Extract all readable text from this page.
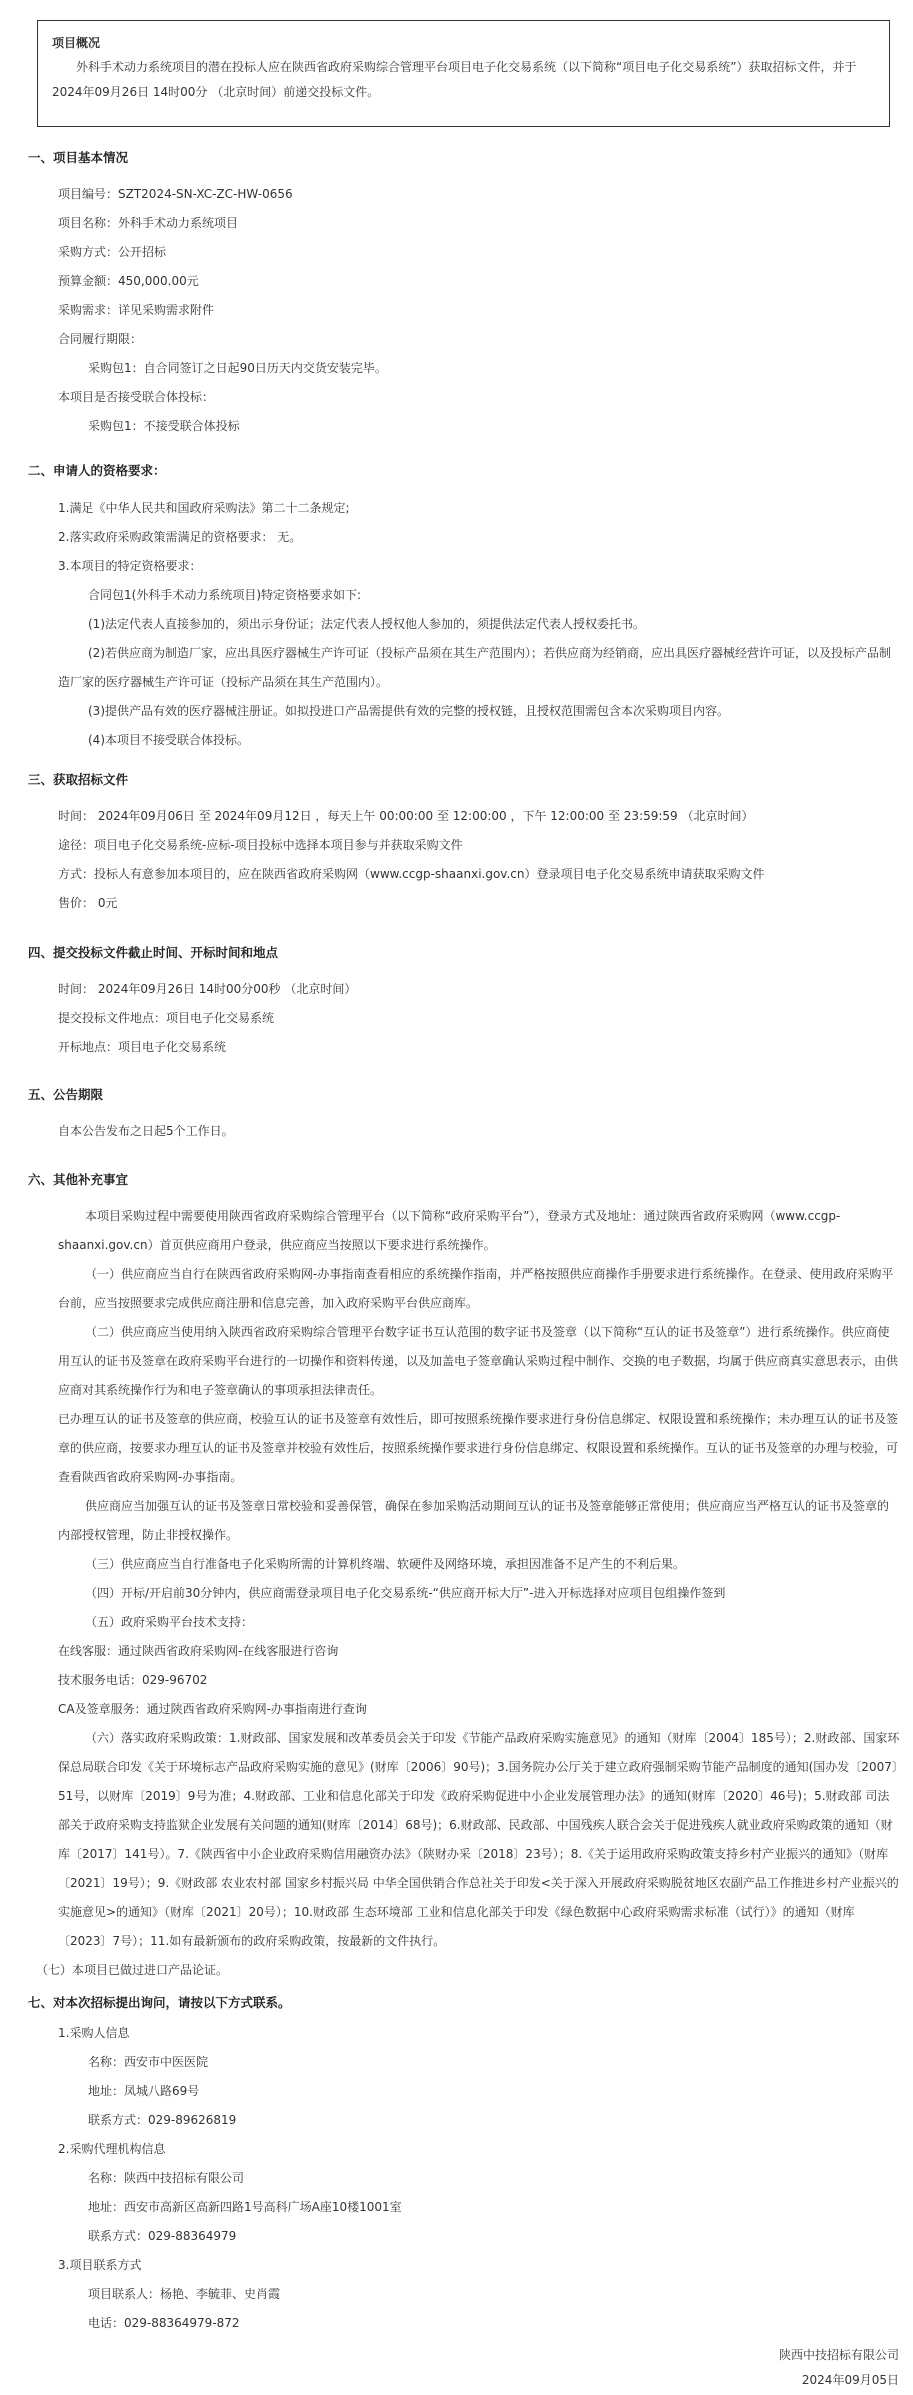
项目概况

外科手术动力系统项目的潜在投标人应在陕西省政府采购综合管理平台项目电子化交易系统（以下简称“项目电子化交易系统”）获取招标文件，并于 2024年09月26日 14时00分 （北京时间）前递交投标文件。

一、项目基本情况

项目编号：SZT2024-SN-XC-ZC-HW-0656

项目名称：外科手术动力系统项目

采购方式：公开招标

预算金额：450,000.00元

采购需求：详见采购需求附件

合同履行期限：

采购包1：自合同签订之日起90日历天内交货安装完毕。

本项目是否接受联合体投标：

采购包1：不接受联合体投标

二、申请人的资格要求：

1.满足《中华人民共和国政府采购法》第二十二条规定;

2.落实政府采购政策需满足的资格要求： 无。

3.本项目的特定资格要求：

合同包1(外科手术动力系统项目)特定资格要求如下:

(1)法定代表人直接参加的，须出示身份证；法定代表人授权他人参加的，须提供法定代表人授权委托书。

(2)若供应商为制造厂家，应出具医疗器械生产许可证（投标产品须在其生产范围内）；若供应商为经销商，应出具医疗器械经营许可证，以及投标产品制造厂家的医疗器械生产许可证（投标产品须在其生产范围内）。

(3)提供产品有效的医疗器械注册证。如拟投进口产品需提供有效的完整的授权链，且授权范围需包含本次采购项目内容。

(4)本项目不接受联合体投标。

三、获取招标文件

时间： 2024年09月06日 至 2024年09月12日 ，每天上午 00:00:00 至 12:00:00 ，下午 12:00:00 至 23:59:59 （北京时间）

途径：项目电子化交易系统-应标-项目投标中选择本项目参与并获取采购文件

方式：投标人有意参加本项目的，应在陕西省政府采购网（www.ccgp-shaanxi.gov.cn）登录项目电子化交易系统申请获取采购文件

售价： 0元

四、提交投标文件截止时间、开标时间和地点

时间： 2024年09月26日 14时00分00秒 （北京时间）

提交投标文件地点：项目电子化交易系统

开标地点：项目电子化交易系统

五、公告期限

自本公告发布之日起5个工作日。

六、其他补充事宜

本项目采购过程中需要使用陕西省政府采购综合管理平台（以下简称“政府采购平台”），登录方式及地址：通过陕西省政府采购网（www.ccgp-shaanxi.gov.cn）首页供应商用户登录，供应商应当按照以下要求进行系统操作。

（一）供应商应当自行在陕西省政府采购网-办事指南查看相应的系统操作指南，并严格按照供应商操作手册要求进行系统操作。在登录、使用政府采购平台前，应当按照要求完成供应商注册和信息完善，加入政府采购平台供应商库。

（二）供应商应当使用纳入陕西省政府采购综合管理平台数字证书互认范围的数字证书及签章（以下简称“互认的证书及签章”）进行系统操作。供应商使用互认的证书及签章在政府采购平台进行的一切操作和资料传递，以及加盖电子签章确认采购过程中制作、交换的电子数据，均属于供应商真实意思表示，由供应商对其系统操作行为和电子签章确认的事项承担法律责任。

已办理互认的证书及签章的供应商，校验互认的证书及签章有效性后，即可按照系统操作要求进行身份信息绑定、权限设置和系统操作；未办理互认的证书及签章的供应商，按要求办理互认的证书及签章并校验有效性后，按照系统操作要求进行身份信息绑定、权限设置和系统操作。互认的证书及签章的办理与校验，可查看陕西省政府采购网-办事指南。

供应商应当加强互认的证书及签章日常校验和妥善保管，确保在参加采购活动期间互认的证书及签章能够正常使用；供应商应当严格互认的证书及签章的内部授权管理，防止非授权操作。

（三）供应商应当自行准备电子化采购所需的计算机终端、软硬件及网络环境，承担因准备不足产生的不利后果。

（四）开标/开启前30分钟内，供应商需登录项目电子化交易系统-“供应商开标大厅”-进入开标选择对应项目包组操作签到

（五）政府采购平台技术支持：

在线客服：通过陕西省政府采购网-在线客服进行咨询

技术服务电话：029-96702

CA及签章服务：通过陕西省政府采购网-办事指南进行查询

（六）落实政府采购政策：1.财政部、国家发展和改革委员会关于印发《节能产品政府采购实施意见》的通知（财库〔2004〕185号）；2.财政部、国家环保总局联合印发《关于环境标志产品政府采购实施的意见》(财库〔2006〕90号)；3.国务院办公厅关于建立政府强制采购节能产品制度的通知(国办发〔2007〕51号，以财库〔2019〕9号为准；4.财政部、工业和信息化部关于印发《政府采购促进中小企业发展管理办法》的通知(财库〔2020〕46号)；5.财政部 司法部关于政府采购支持监狱企业发展有关问题的通知(财库〔2014〕68号)；6.财政部、民政部、中国残疾人联合会关于促进残疾人就业政府采购政策的通知（财库〔2017〕141号）。7.《陕西省中小企业政府采购信用融资办法》（陕财办采〔2018〕23号）；8.《关于运用政府采购政策支持乡村产业振兴的通知》（财库〔2021〕19号）；9.《财政部 农业农村部 国家乡村振兴局 中华全国供销合作总社关于印发<关于深入开展政府采购脱贫地区农副产品工作推进乡村产业振兴的实施意见>的通知》（财库〔2021〕20号）；10.财政部 生态环境部 工业和信息化部关于印发《绿色数据中心政府采购需求标准（试行）》的通知（财库〔2023〕7号）；11.如有最新颁布的政府采购政策，按最新的文件执行。

（七）本项目已做过进口产品论证。

七、对本次招标提出询问，请按以下方式联系。

1.采购人信息

名称：西安市中医医院

地址：凤城八路69号

联系方式：029-89626819

2.采购代理机构信息

名称：陕西中技招标有限公司

地址：西安市高新区高新四路1号高科广场A座10楼1001室

联系方式：029-88364979

3.项目联系方式

项目联系人：杨艳、李毓菲、史肖霞

电话：029-88364979-872

陕西中技招标有限公司
2024年09月05日
